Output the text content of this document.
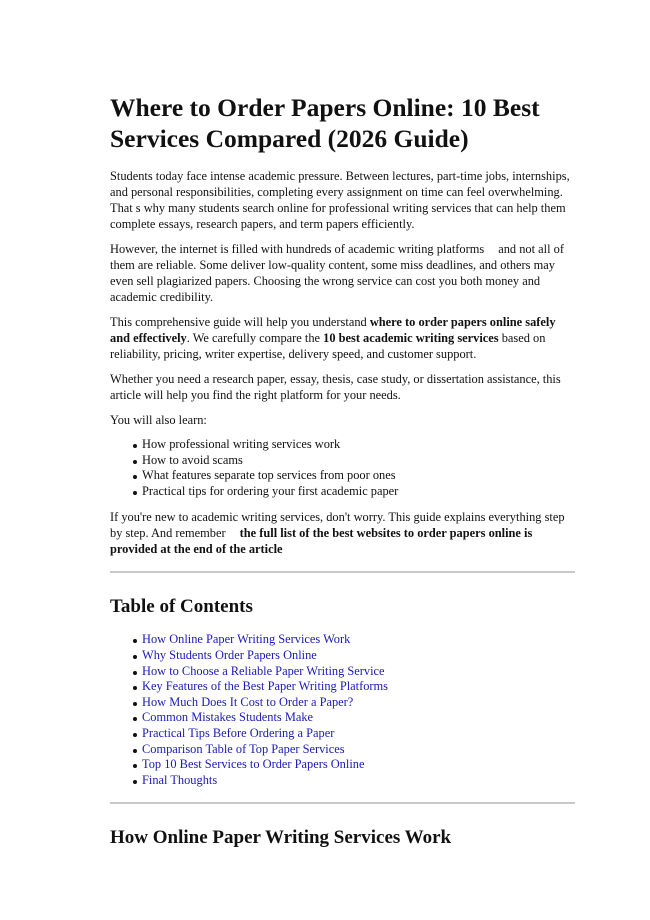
Where to Order Papers Online: 10 Best Services Compared (2026 Guide)

Students today face intense academic pressure. Between lectures, part-time jobs, internships, and personal responsibilities, completing every assignment on time can feel overwhelming. That s why many students search online for professional writing services that can help them complete essays, research papers, and term papers efficiently.

However, the internet is filled with hundreds of academic writing platforms and not all of them are reliable. Some deliver low-quality content, some miss deadlines, and others may even sell plagiarized papers. Choosing the wrong service can cost you both money and academic credibility.

This comprehensive guide will help you understand where to order papers online safely and effectively. We carefully compare the 10 best academic writing services based on reliability, pricing, writer expertise, delivery speed, and customer support.

Whether you need a research paper, essay, thesis, case study, or dissertation assistance, this article will help you find the right platform for your needs.

You will also learn:

How professional writing services work
How to avoid scams
What features separate top services from poor ones
Practical tips for ordering your first academic paper

If you're new to academic writing services, don't worry. This guide explains everything step by step. And remember the full list of the best websites to order papers online is provided at the end of the article

Table of Contents
How Online Paper Writing Services Work
Why Students Order Papers Online
How to Choose a Reliable Paper Writing Service
Key Features of the Best Paper Writing Platforms
How Much Does It Cost to Order a Paper?
Common Mistakes Students Make
Practical Tips Before Ordering a Paper
Comparison Table of Top Paper Services
Top 10 Best Services to Order Papers Online
Final Thoughts
How Online Paper Writing Services Work
